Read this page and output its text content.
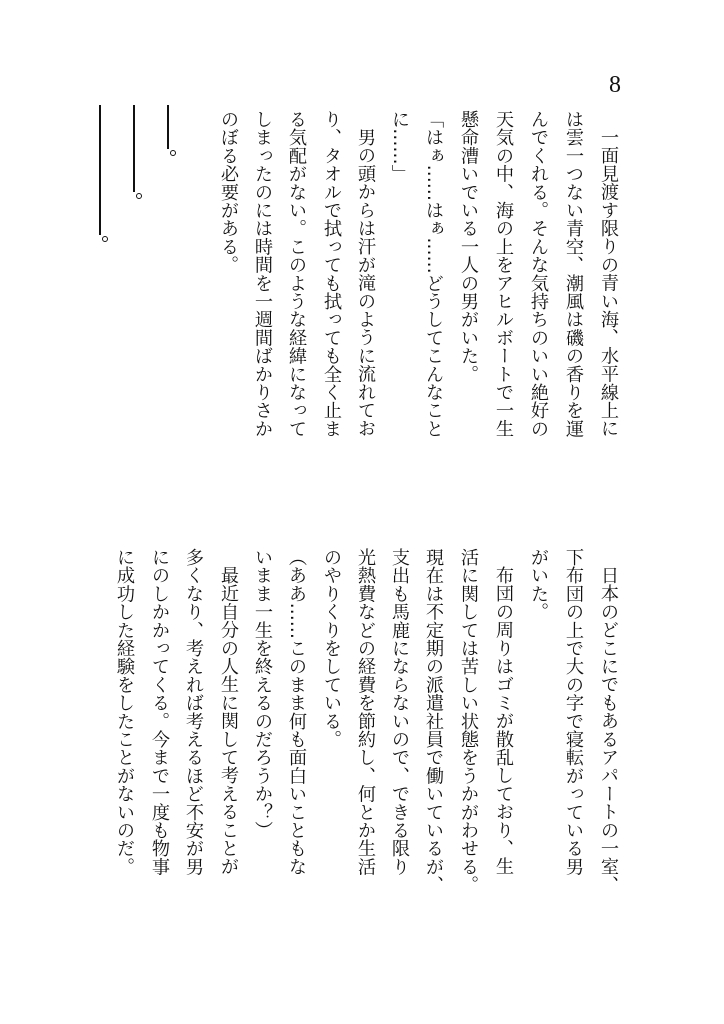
8
一面見渡す限りの青い海、水平線上に
は雲一つない青空、潮風は磯の香りを運
んでくれる。そんな気持ちのいい絶好の
天気の中、海の上をアヒルボートで一生
懸命漕いでいる一人の男がいた。
「はぁ……はぁ……どうしてこんなこと
に……」
男の頭からは汗が滝のように流れてお
り、タオルで拭っても拭っても全く止ま
る気配がない。このような経緯になって
しまったのには時間を一週間ばかりさか
のぼる必要がある。
日本のどこにでもあるアパートの一室、
下布団の上で大の字で寝転がっている男
がいた。
布団の周りはゴミが散乱しており、生
活に関しては苦しい状態をうかがわせる。
現在は不定期の派遣社員で働いているが、
支出も馬鹿にならないので、できる限り
光熱費などの経費を節約し、何とか生活
のやりくりをしている。
（ああ……このまま何も面白いこともな
いまま一生を終えるのだろうか？）
最近自分の人生に関して考えることが
多くなり、考えれば考えるほど不安が男
にのしかかってくる。今まで一度も物事
に成功した経験をしたことがないのだ。
